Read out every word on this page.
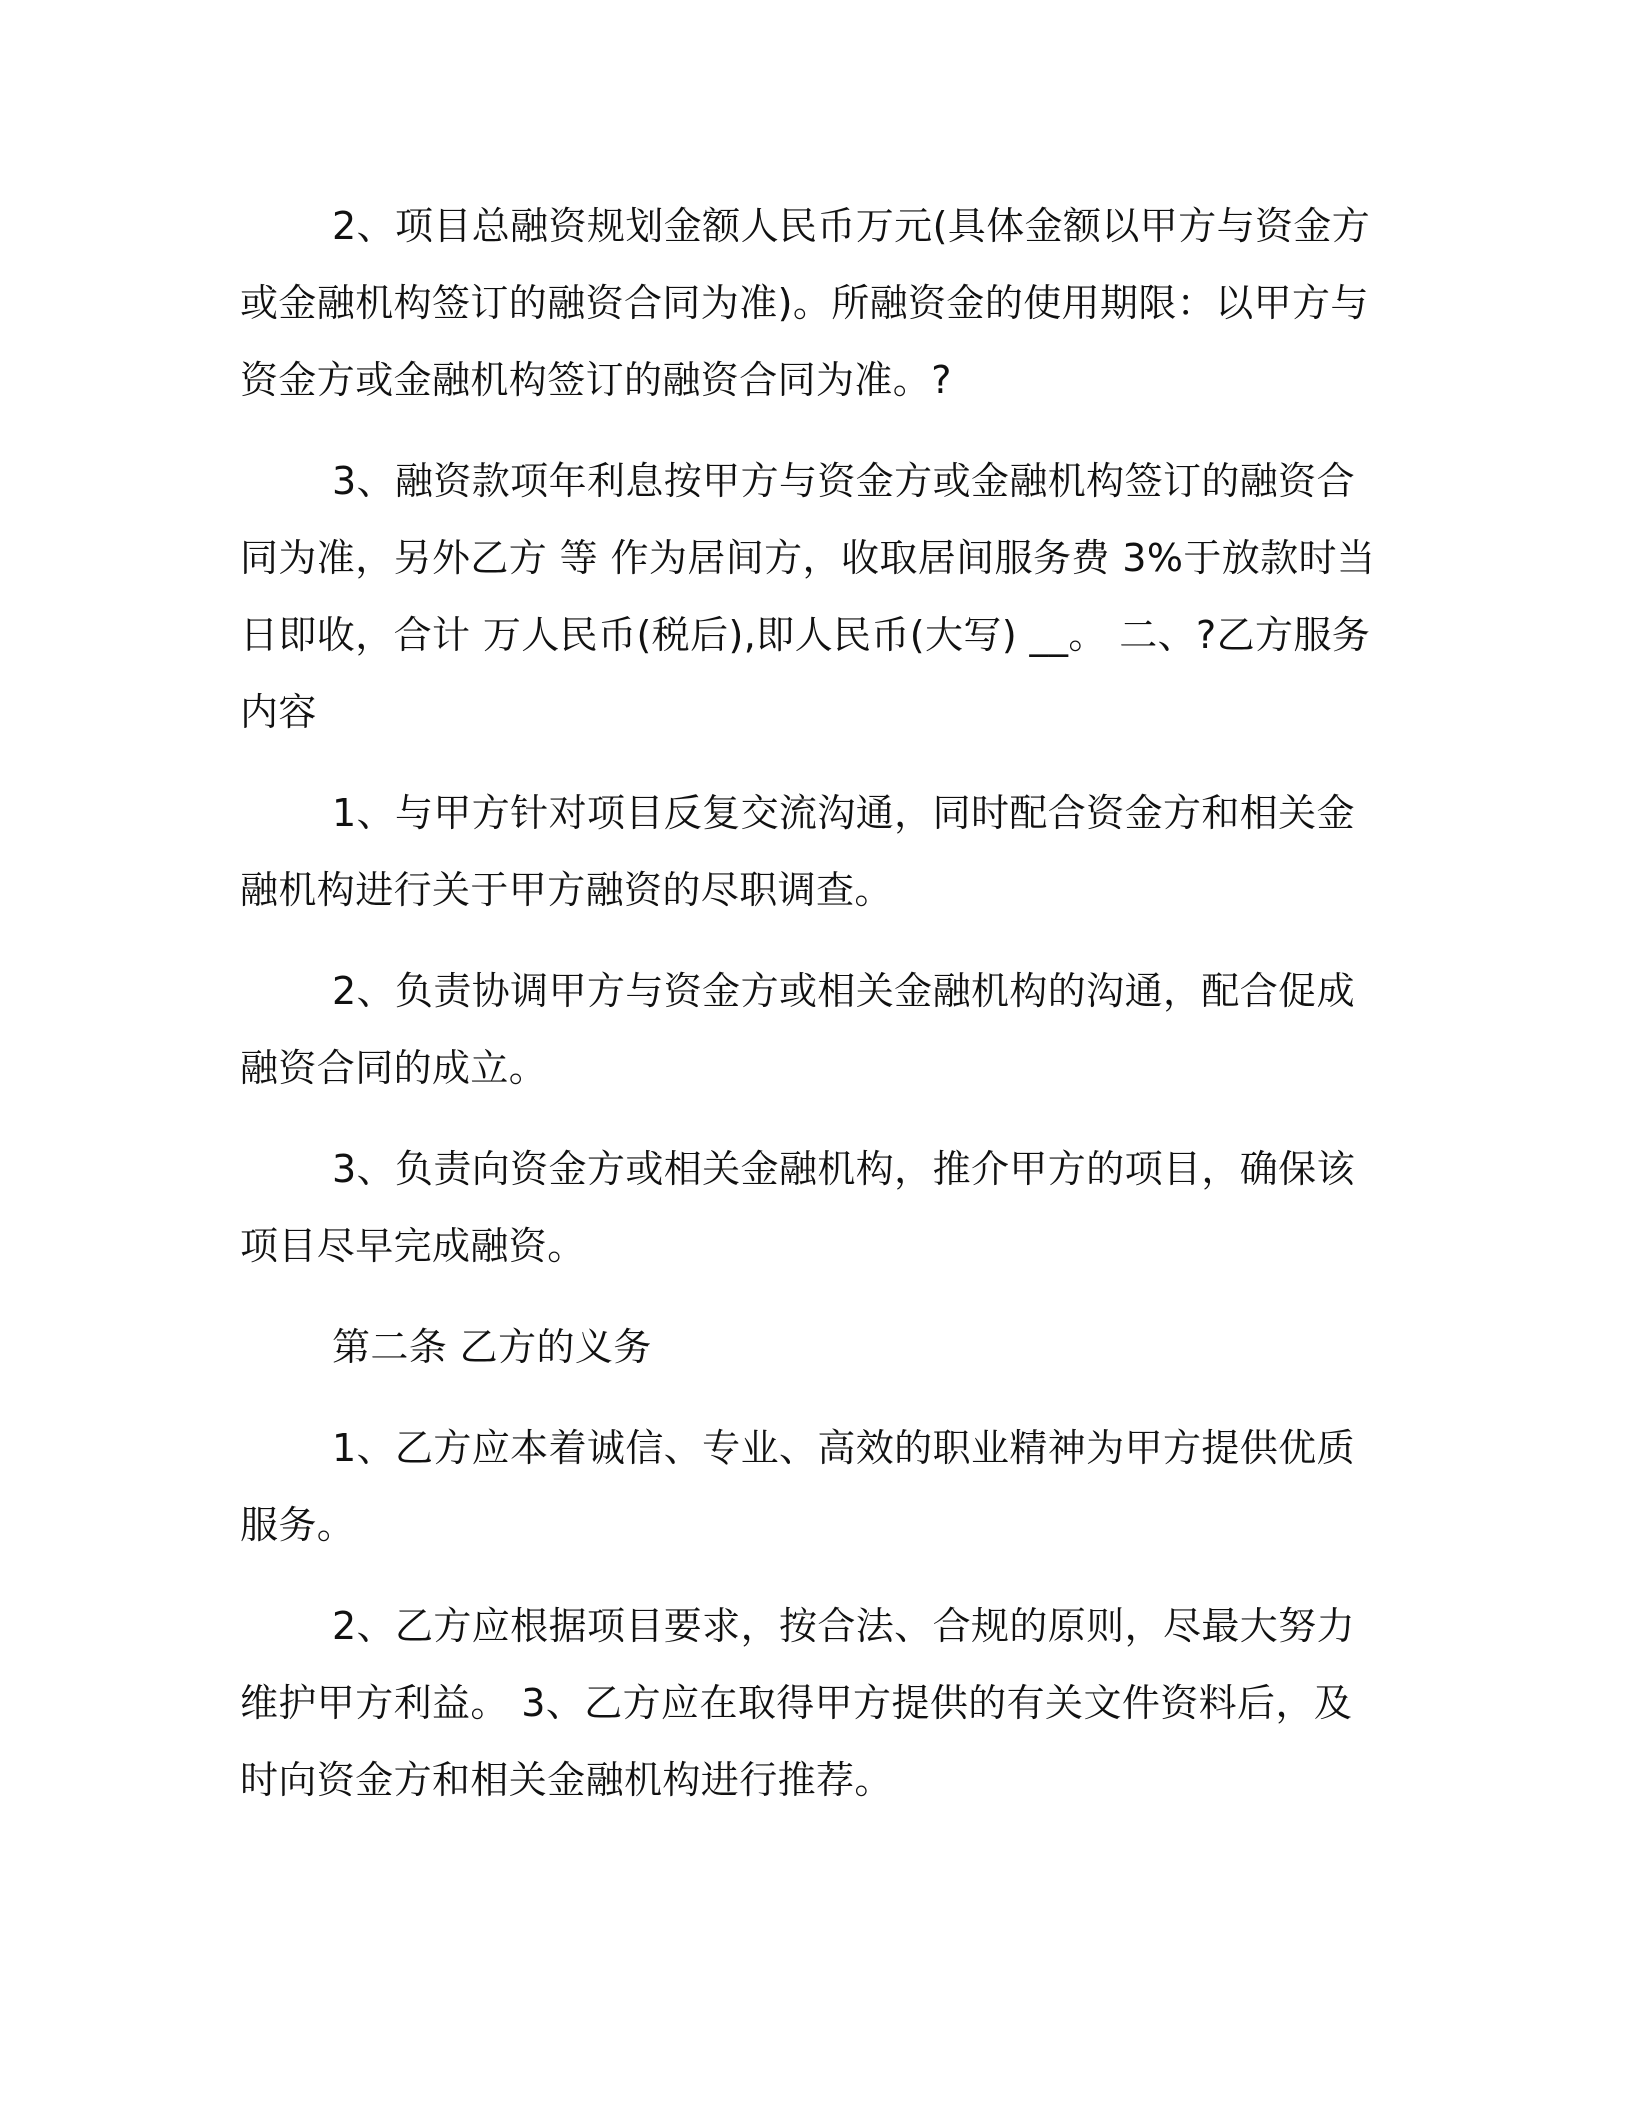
2、项目总融资规划金额人民币万元(具体金额以甲方与资金方或金融机构签订的融资合同为准)。所融资金的使用期限：以甲方与资金方或金融机构签订的融资合同为准。?

3、融资款项年利息按甲方与资金方或金融机构签订的融资合同为准，另外乙方 等 作为居间方，收取居间服务费 3%于放款时当日即收，合计 万人民币(税后),即人民币(大写) __。 二、?乙方服务内容

1、与甲方针对项目反复交流沟通，同时配合资金方和相关金融机构进行关于甲方融资的尽职调查。

2、负责协调甲方与资金方或相关金融机构的沟通，配合促成融资合同的成立。

3、负责向资金方或相关金融机构，推介甲方的项目，确保该项目尽早完成融资。

第二条 乙方的义务

1、乙方应本着诚信、专业、高效的职业精神为甲方提供优质服务。

2、乙方应根据项目要求，按合法、合规的原则，尽最大努力维护甲方利益。 3、乙方应在取得甲方提供的有关文件资料后，及时向资金方和相关金融机构进行推荐。
